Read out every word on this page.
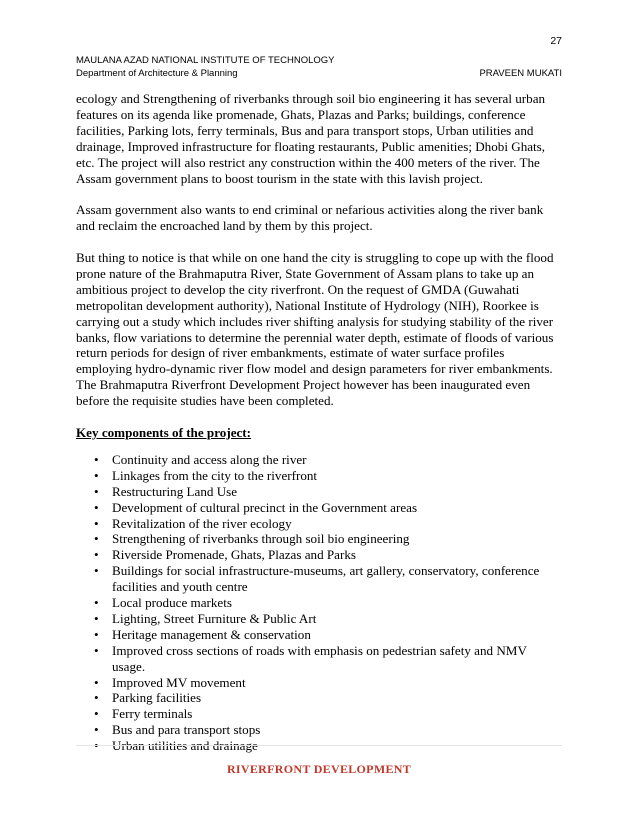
27
MAULANA AZAD NATIONAL INSTITUTE OF TECHNOLOGY
Department of Architecture & Planning	PRAVEEN MUKATI

ecology and Strengthening of riverbanks through soil bio engineering it has several urban features on its agenda like promenade, Ghats, Plazas and Parks; buildings, conference facilities, Parking lots, ferry terminals, Bus and para transport stops, Urban utilities and drainage, Improved infrastructure for floating restaurants, Public amenities; Dhobi Ghats, etc. The project will also restrict any construction within the 400 meters of the river. The Assam government plans to boost tourism in the state with this lavish project.

Assam government also wants to end criminal or nefarious activities along the river bank and reclaim the encroached land by them by this project.

But thing to notice is that while on one hand the city is struggling to cope up with the flood prone nature of the Brahmaputra River, State Government of Assam plans to take up an ambitious project to develop the city riverfront. On the request of GMDA (Guwahati metropolitan development authority), National Institute of Hydrology (NIH), Roorkee is carrying out a study which includes river shifting analysis for studying stability of the river banks, flow variations to determine the perennial water depth, estimate of floods of various return periods for design of river embankments, estimate of water surface profiles employing hydro-dynamic river flow model and design parameters for river embankments. The Brahmaputra Riverfront Development Project however has been inaugurated even before the requisite studies have been completed.

Key components of the project:
• Continuity and access along the river
• Linkages from the city to the riverfront
• Restructuring Land Use
• Development of cultural precinct in the Government areas
• Revitalization of the river ecology
• Strengthening of riverbanks through soil bio engineering
• Riverside Promenade, Ghats, Plazas and Parks
• Buildings for social infrastructure-museums, art gallery, conservatory, conference facilities and youth centre
• Local produce markets
• Lighting, Street Furniture & Public Art
• Heritage management & conservation
• Improved cross sections of roads with emphasis on pedestrian safety and NMV usage.
• Improved MV movement
• Parking facilities
• Ferry terminals
• Bus and para transport stops
• Urban utilities and drainage
RIVERFRONT DEVELOPMENT
